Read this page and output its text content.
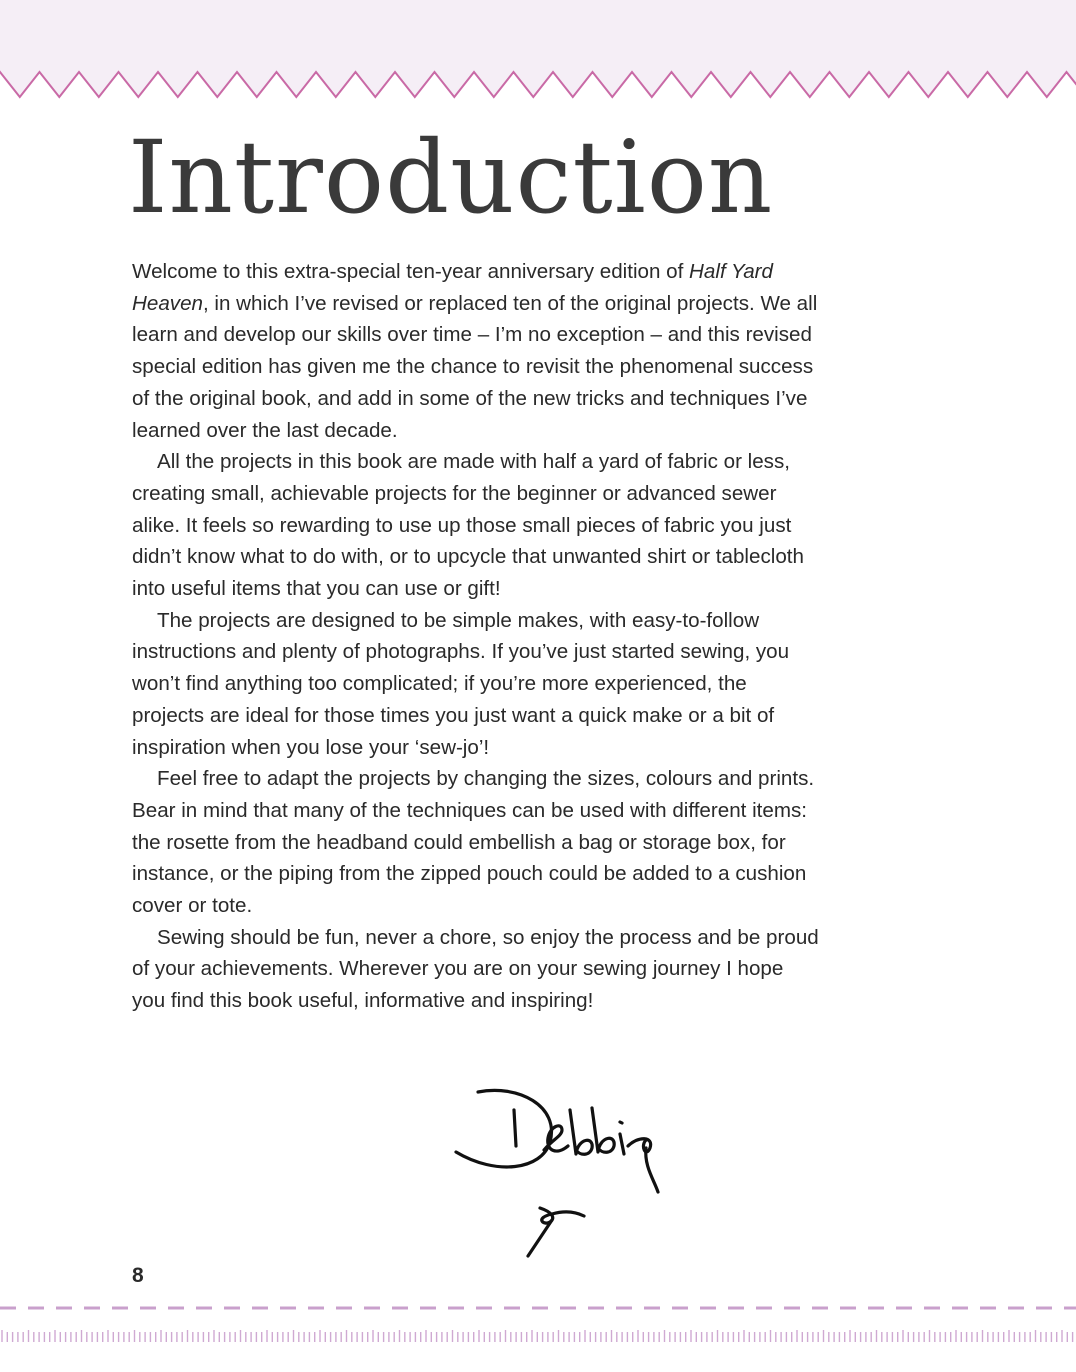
Introduction

Welcome to this extra-special ten-year anniversary edition of Half Yard Heaven, in which I’ve revised or replaced ten of the original projects. We all learn and develop our skills over time – I’m no exception – and this revised special edition has given me the chance to revisit the phenomenal success of the original book, and add in some of the new tricks and techniques I’ve learned over the last decade.

All the projects in this book are made with half a yard of fabric or less, creating small, achievable projects for the beginner or advanced sewer alike. It feels so rewarding to use up those small pieces of fabric you just didn’t know what to do with, or to upcycle that unwanted shirt or tablecloth into useful items that you can use or gift!

The projects are designed to be simple makes, with easy-to-follow instructions and plenty of photographs. If you’ve just started sewing, you won’t find anything too complicated; if you’re more experienced, the projects are ideal for those times you just want a quick make or a bit of inspiration when you lose your ‘sew-jo’!

Feel free to adapt the projects by changing the sizes, colours and prints. Bear in mind that many of the techniques can be used with different items: the rosette from the headband could embellish a bag or storage box, for instance, or the piping from the zipped pouch could be added to a cushion cover or tote.

Sewing should be fun, never a chore, so enjoy the process and be proud of your achievements. Wherever you are on your sewing journey I hope you find this book useful, informative and inspiring!

8
